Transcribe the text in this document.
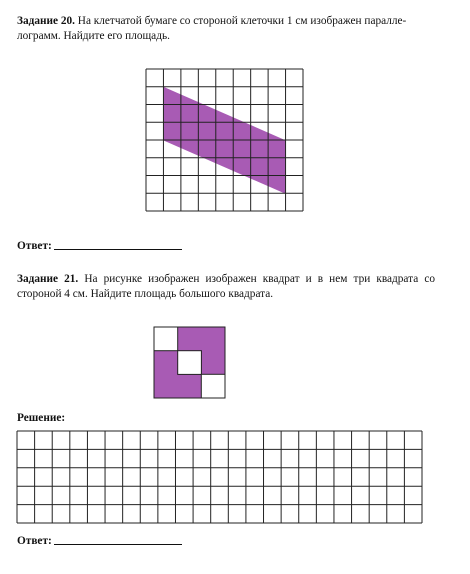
Задание 20. На клетчатой бумаге со стороной клеточки 1 см изображен паралле-
лограмм. Найдите его площадь.

Ответ:

Задание 21. На рисунке изображен изображен квадрат и в нем три квадрата со стороной 4 см. Найдите площадь большого квадрата.

Решение:
Ответ:
